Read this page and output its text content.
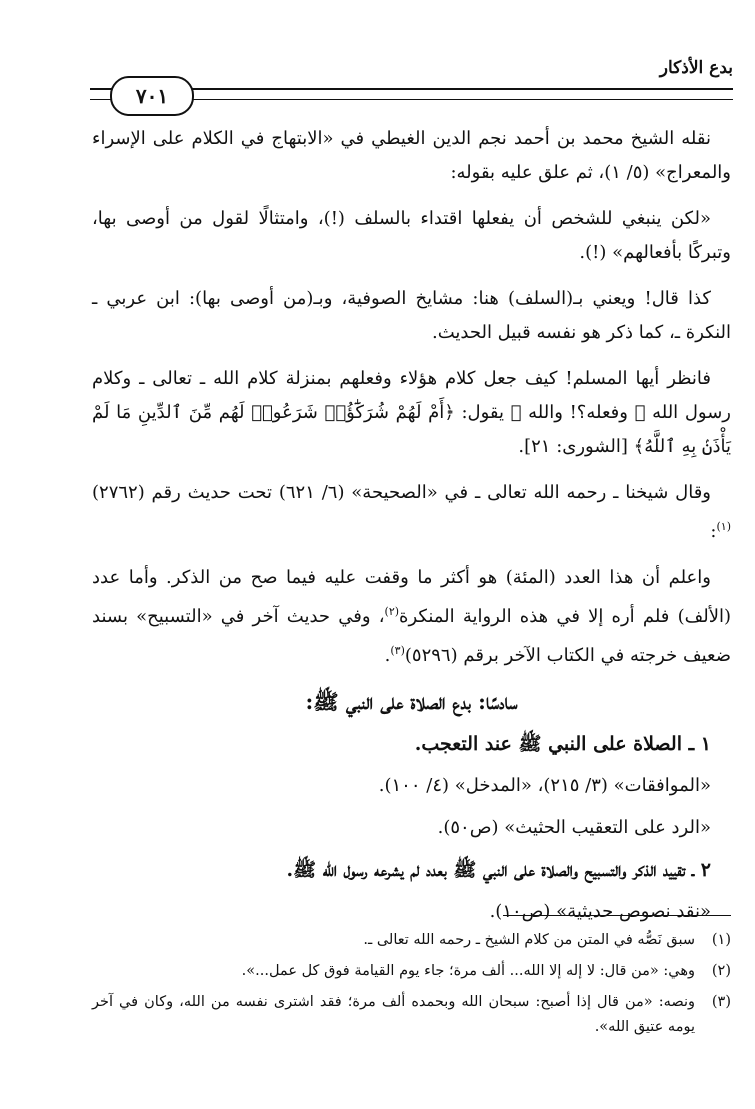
بدع الأذكار
٧٠١

نقله الشيخ محمد بن أحمد نجم الدين الغيطي في «الابتهاج في الكلام على الإسراء والمعراج» (٥/ ١)، ثم علق عليه بقوله:

«لكن ينبغي للشخص أن يفعلها اقتداء بالسلف (!)، وامتثالًا لقول من أوصى بها، وتبركًا بأفعالهم» (!).

كذا قال! ويعني بـ(السلف) هنا: مشايخ الصوفية، وبـ(من أوصى بها): ابن عربي ـ النكرة ـ، كما ذكر هو نفسه قبيل الحديث.

فانظر أيها المسلم! كيف جعل كلام هؤلاء وفعلهم بمنزلة كلام الله ـ تعالى ـ وكلام رسول الله ﷺ وفعله؟! والله ﷻ يقول: ﴿أَمْ لَهُمْ شُرَكَٰٓؤُا۟ شَرَعُوا۟ لَهُم مِّنَ ٱلدِّينِ مَا لَمْ يَأْذَنۢ بِهِ ٱللَّهُ﴾ [الشورى: ٢١].

وقال شيخنا ـ رحمه الله تعالى ـ في «الصحيحة» (٦/ ٦٢١) تحت حديث رقم (٢٧٦٢)$^{(١)}$:

واعلم أن هذا العدد (المئة) هو أكثر ما وقفت عليه فيما صح من الذكر. وأما عدد (الألف) فلم أره إلا في هذه الرواية المنكرة$^{(٢)}$، وفي حديث آخر في «التسبيح» بسند ضعيف خرجته في الكتاب الآخر برقم (٥٢٩٦)$^{(٣)}$.

سادسًا: بدع الصلاة على النبي ﷺ:
١ ـ الصلاة على النبي ﷺ عند التعجب.
«الموافقات» (٣/ ٢١٥)، «المدخل» (٤/ ١٠٠).
«الرد على التعقيب الحثيث» (ص٥٠).
٢ ـ تقييد الذكر والتسبيح والصلاة على النبي ﷺ بعدد لم يشرعه رسول الله ﷺ.
«نقد نصوص حديثية» (ص١٠).
(١)
سبق نَصُّه في المتن من كلام الشيخ ـ رحمه الله تعالى ـ.
(٢)
وهي: «من قال: لا إله إلا الله... ألف مرة؛ جاء يوم القيامة فوق كل عمل...».
(٣)
ونصه: «من قال إذا أصبح: سبحان الله وبحمده ألف مرة؛ فقد اشترى نفسه من الله، وكان في آخر يومه عتيق الله».
